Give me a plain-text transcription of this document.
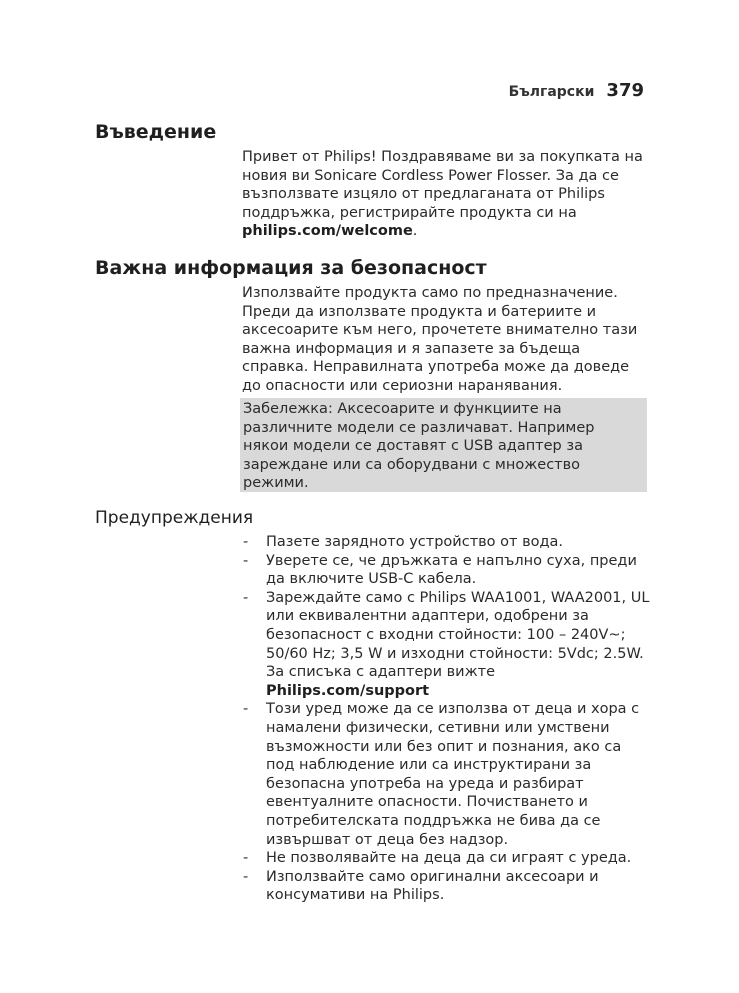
Български 379
Въведение

Привет от Philips! Поздравяваме ви за покупката на новия ви Sonicare Cordless Power Flosser. За да се възползвате изцяло от предлаганата от Philips поддръжка, регистрирайте продукта си на philips.com/welcome.

Важна информация за безопасност

Използвайте продукта само по предназначение. Преди да използвате продукта и батериите и аксесоарите към него, прочетете внимателно тази важна информация и я запазете за бъдеща справка. Неправилната употреба може да доведе до опасности или сериозни наранявания.

Забележка: Аксесоарите и функциите на различните модели се различават. Например някои модели се доставят с USB адаптер за зареждане или са оборудвани с множество режими.
Предупреждения
- Пазете зарядното устройство от вода.
- Уверете се, че дръжката е напълно суха, преди да включите USB-C кабела.
- Зареждайте само с Philips WAA1001, WAA2001, UL или еквивалентни адаптери, одобрени за безопасност с входни стойности: 100 – 240V~; 50/60 Hz; 3,5 W и изходни стойности: 5Vdc; 2.5W. За списъка с адаптери вижте
Philips.com/support
- Този уред може да се използва от деца и хора с намалени физически, сетивни или умствени възможности или без опит и познания, ако са под наблюдение или са инструктирани за безопасна употреба на уреда и разбират евентуалните опасности. Почистването и потребителската поддръжка не бива да се извършват от деца без надзор.
- Не позволявайте на деца да си играят с уреда.
- Използвайте само оригинални аксесоари и консумативи на Philips.
